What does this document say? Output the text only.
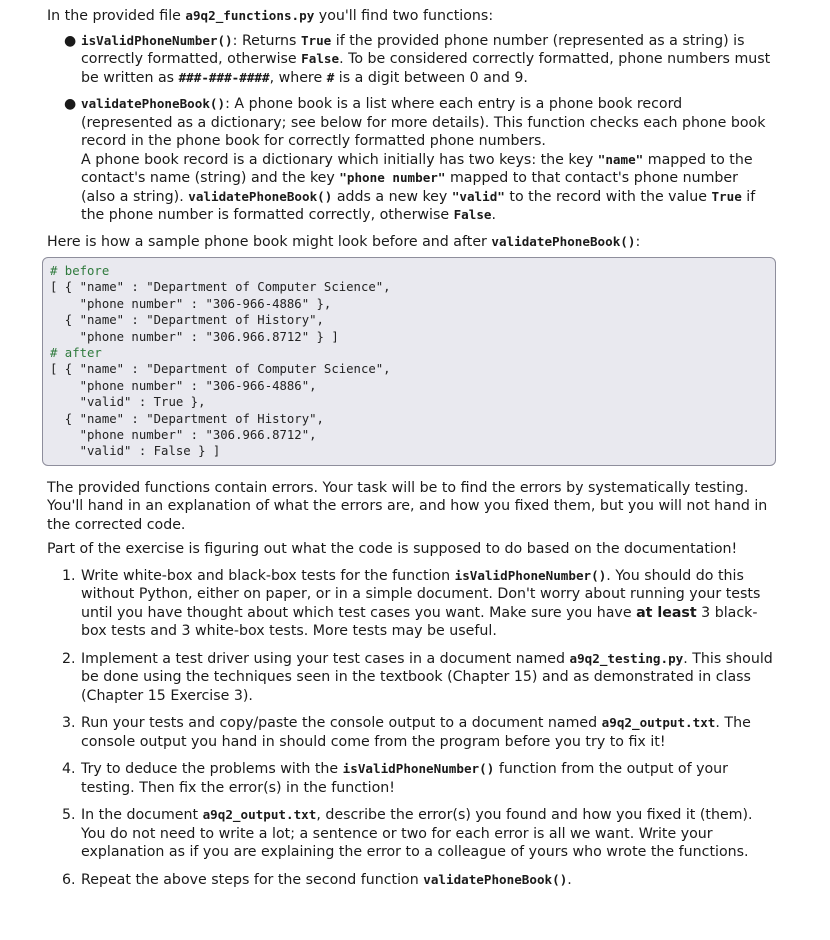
In the provided file a9q2_functions.py you'll find two functions:

● isValidPhoneNumber(): Returns True if the provided phone number (represented as a string) is correctly formatted, otherwise False. To be considered correctly formatted, phone numbers must be written as ###-###-####, where # is a digit between 0 and 9.
● validatePhoneBook(): A phone book is a list where each entry is a phone book record (represented as a dictionary; see below for more details). This function checks each phone book record in the phone book for correctly formatted phone numbers.
A phone book record is a dictionary which initially has two keys: the key "name" mapped to the contact's name (string) and the key "phone number" mapped to that contact's phone number (also a string). validatePhoneBook() adds a new key "valid" to the record with the value True if the phone number is formatted correctly, otherwise False.

Here is how a sample phone book might look before and after validatePhoneBook():

# before
[ { "name" : "Department of Computer Science",
"phone number" : "306-966-4886" },
{ "name" : "Department of History",
"phone number" : "306.966.8712" } ]
# after
[ { "name" : "Department of Computer Science",
"phone number" : "306-966-4886",
"valid" : True },
{ "name" : "Department of History",
"phone number" : "306.966.8712",
"valid" : False } ]

The provided functions contain errors. Your task will be to find the errors by systematically testing. You'll hand in an explanation of what the errors are, and how you fixed them, but you will not hand in the corrected code.

Part of the exercise is figuring out what the code is supposed to do based on the documentation!

1. Write white-box and black-box tests for the function isValidPhoneNumber(). You should do this without Python, either on paper, or in a simple document. Don't worry about running your tests until you have thought about which test cases you want. Make sure you have at least 3 black-box tests and 3 white-box tests. More tests may be useful.
2. Implement a test driver using your test cases in a document named a9q2_testing.py. This should be done using the techniques seen in the textbook (Chapter 15) and as demonstrated in class (Chapter 15 Exercise 3).
3. Run your tests and copy/paste the console output to a document named a9q2_output.txt. The console output you hand in should come from the program before you try to fix it!
4. Try to deduce the problems with the isValidPhoneNumber() function from the output of your testing. Then fix the error(s) in the function!
5. In the document a9q2_output.txt, describe the error(s) you found and how you fixed it (them). You do not need to write a lot; a sentence or two for each error is all we want. Write your explanation as if you are explaining the error to a colleague of yours who wrote the functions.
6. Repeat the above steps for the second function validatePhoneBook().
